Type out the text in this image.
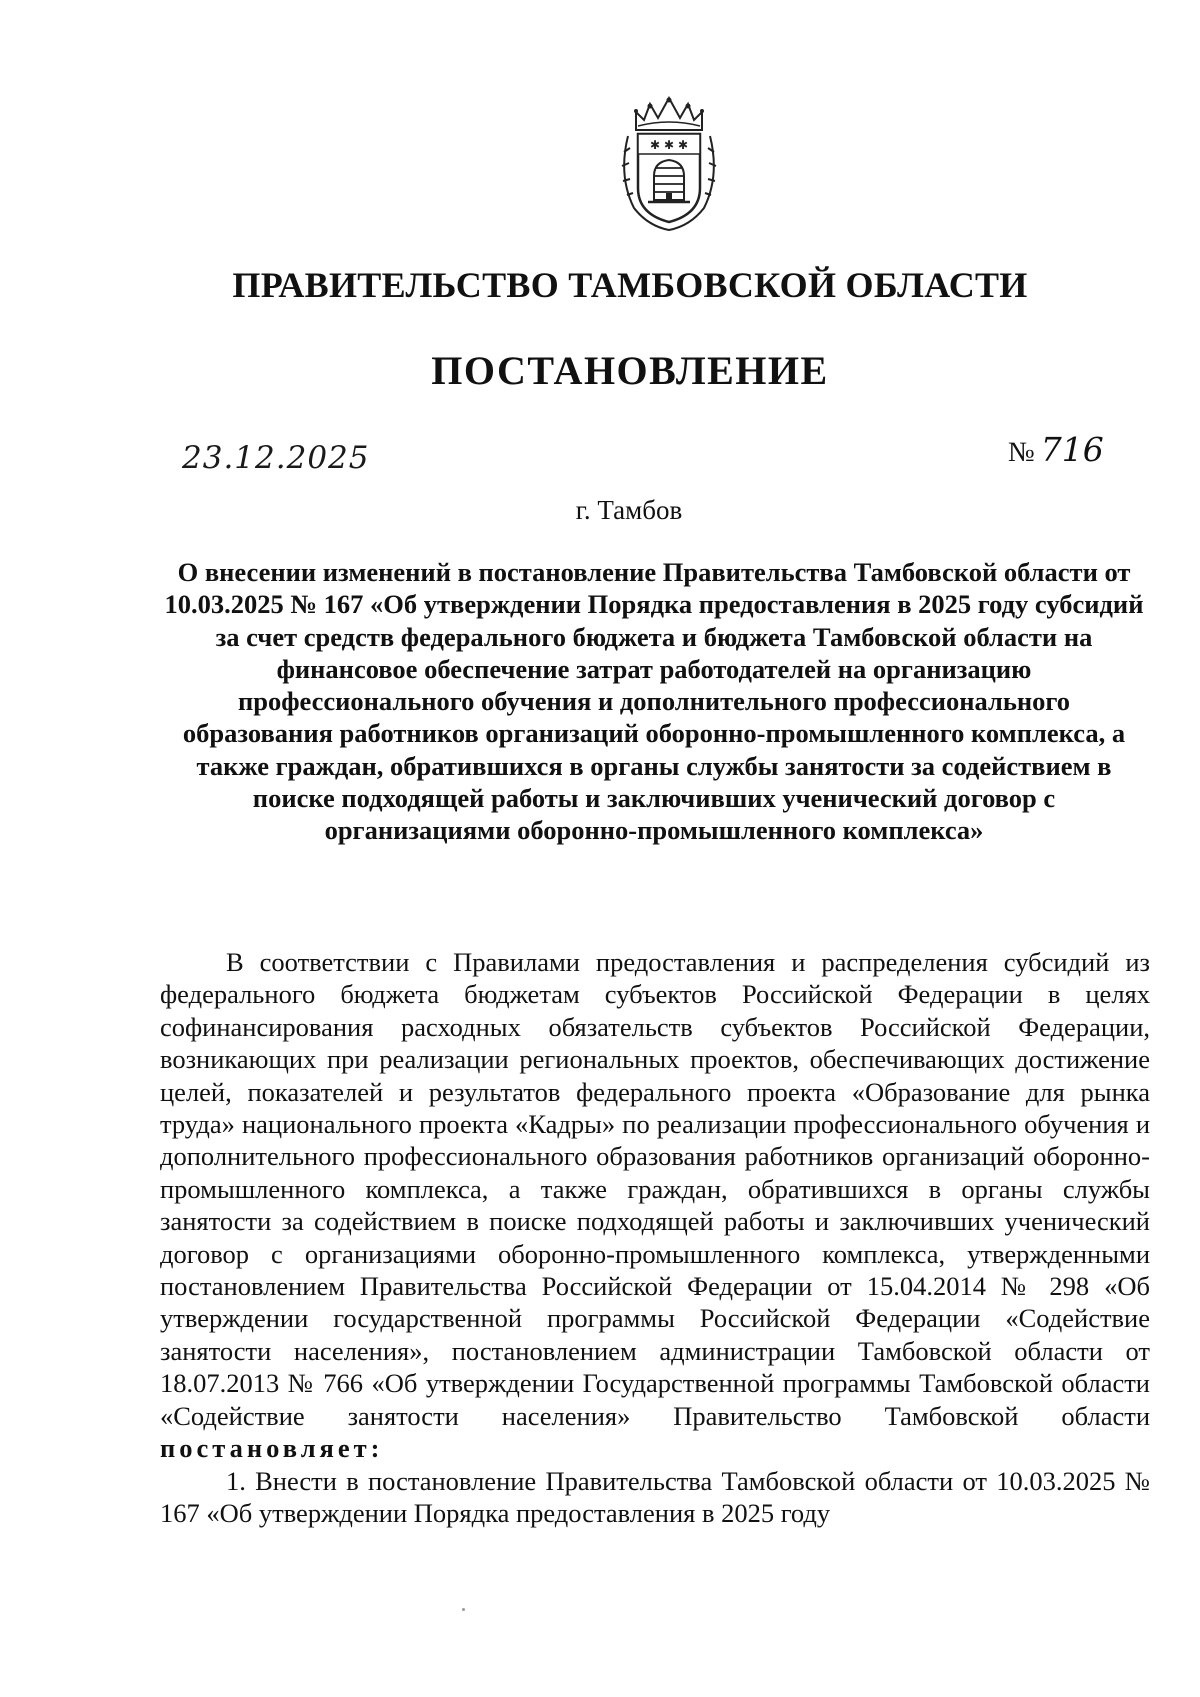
✱ ✱ ✱
ПРАВИТЕЛЬСТВО ТАМБОВСКОЙ ОБЛАСТИ
ПОСТАНОВЛЕНИЕ
23.12.2025	№ 716
г. Тамбов
О внесении изменений в постановление Правительства Тамбовской области от 10.03.2025 № 167 «Об утверждении Порядка предоставления в 2025 году субсидий за счет средств федерального бюджета и бюджета Тамбовской области на финансовое обеспечение затрат работодателей на организацию профессионального обучения и дополнительного профессионального образования работников организаций оборонно-промышленного комплекса, а также граждан, обратившихся в органы службы занятости за содействием в поиске подходящей работы и заключивших ученический договор с организациями оборонно-промышленного комплекса»

В соответствии с Правилами предоставления и распределения субсидий из федерального бюджета бюджетам субъектов Российской Федерации в целях софинансирования расходных обязательств субъектов Российской Федерации, возникающих при реализации региональных проектов, обеспечивающих достижение целей, показателей и результатов федерального проекта «Образование для рынка труда» национального проекта «Кадры» по реализации профессионального обучения и дополнительного профессионального образования работников организаций оборонно-промышленного комплекса, а также граждан, обратившихся в органы службы занятости за содействием в поиске подходящей работы и заключивших ученический договор с организациями оборонно-промышленного комплекса, утвержденными постановлением Правительства Российской Федерации от 15.04.2014 № 298 «Об утверждении государственной программы Российской Федерации «Содействие занятости населения», постановлением администрации Тамбовской области от 18.07.2013 № 766 «Об утверждении Государственной программы Тамбовской области «Содействие занятости населения» Правительство Тамбовской области постановляет:

1. Внести в постановление Правительства Тамбовской области от 10.03.2025 № 167 «Об утверждении Порядка предоставления в 2025 году
